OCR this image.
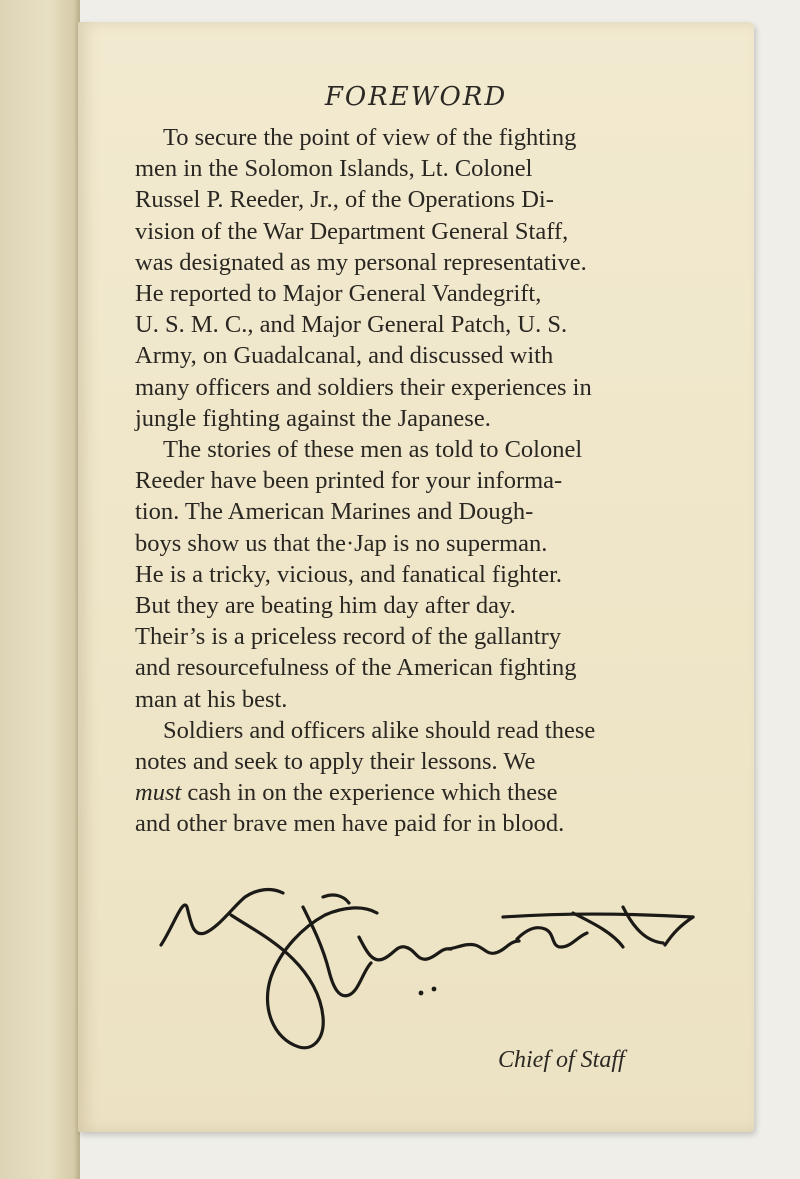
FOREWORD

To secure the point of view of the fighting
men in the Solomon Islands, Lt. Colonel
Russel P. Reeder, Jr., of the Operations Di-
vision of the War Department General Staff,
was designated as my personal representative.
He reported to Major General Vandegrift,
U. S. M. C., and Major General Patch, U. S.
Army, on Guadalcanal, and discussed with
many officers and soldiers their experiences in
jungle fighting against the Japanese.

The stories of these men as told to Colonel
Reeder have been printed for your informa-
tion. The American Marines and Dough-
boys show us that the·Jap is no superman.
He is a tricky, vicious, and fanatical fighter.
But they are beating him day after day.
Their’s is a priceless record of the gallantry
and resourcefulness of the American fighting
man at his best.

Soldiers and officers alike should read these
notes and seek to apply their lessons. We
must cash in on the experience which these
and other brave men have paid for in blood.

Chief of Staff
